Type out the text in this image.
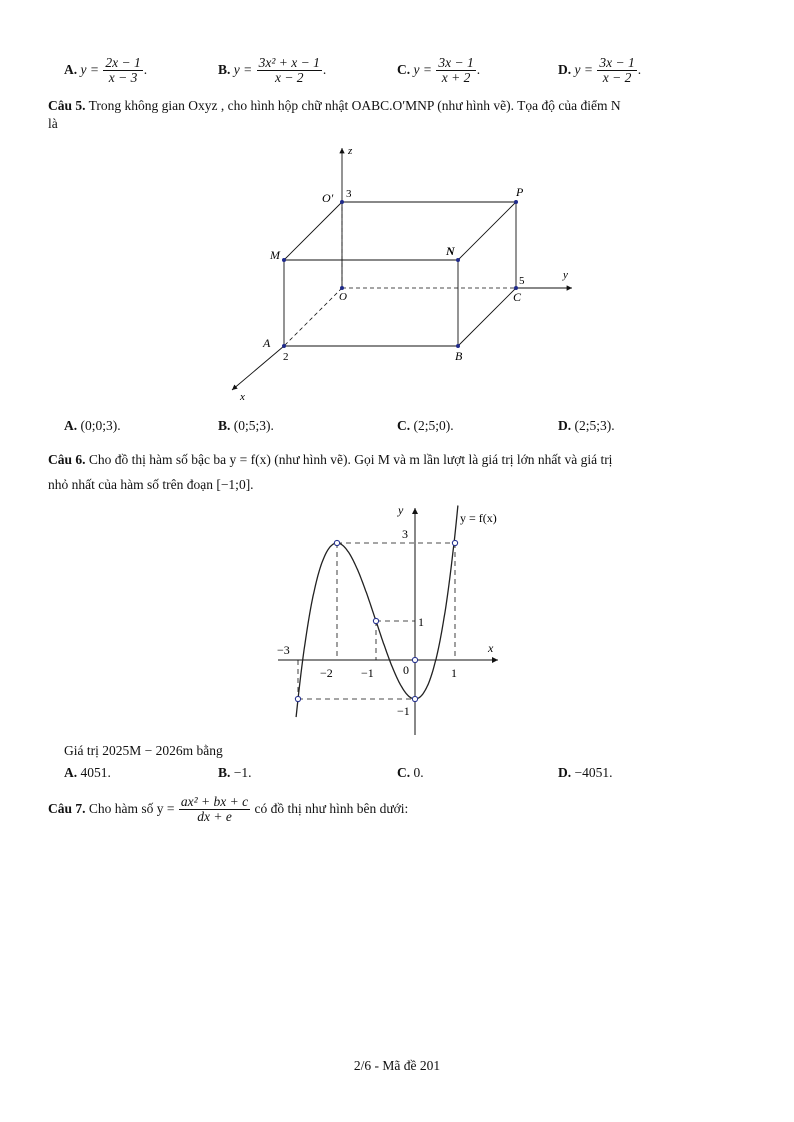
A. $y = \frac{2x - 1}{x - 3}$ .	B. $y = \frac{\text{3x² + x − 1}}{x - 2}$ .	C. $y = \frac{3x - 1}{x + 2}$ .	D. $y = \frac{3x - 1}{x - 2}$ .
Câu 5. Trong không gian Oxyz , cho hình hộp chữ nhật OABC.O′MNP (như hình vẽ). Tọa độ của điểm N
là
z
y
x
O′	P
M	N
O	C
A
B
3
5
2
A. (0;0;3).	B. (0;5;3).	C. (2;5;0).	D. (2;5;3).
Câu 6. Cho đồ thị hàm số bậc ba y = f(x) (như hình vẽ). Gọi M và m lần lượt là giá trị lớn nhất và giá trị
nhỏ nhất của hàm số trên đoạn [−1;0].
y
x
y = f(x)
3
1
−1
−3
−2 −1 0	1
Giá trị 2025M − 2026m bằng
A. 4051.	B. −1.	C. 0.	D. −4051.
Câu 7. Cho hàm số $y = \frac{\text{ax² + bx + c}}{dx + e}$ có đồ thị như hình bên dưới:
2/6 - Mã đề 201
